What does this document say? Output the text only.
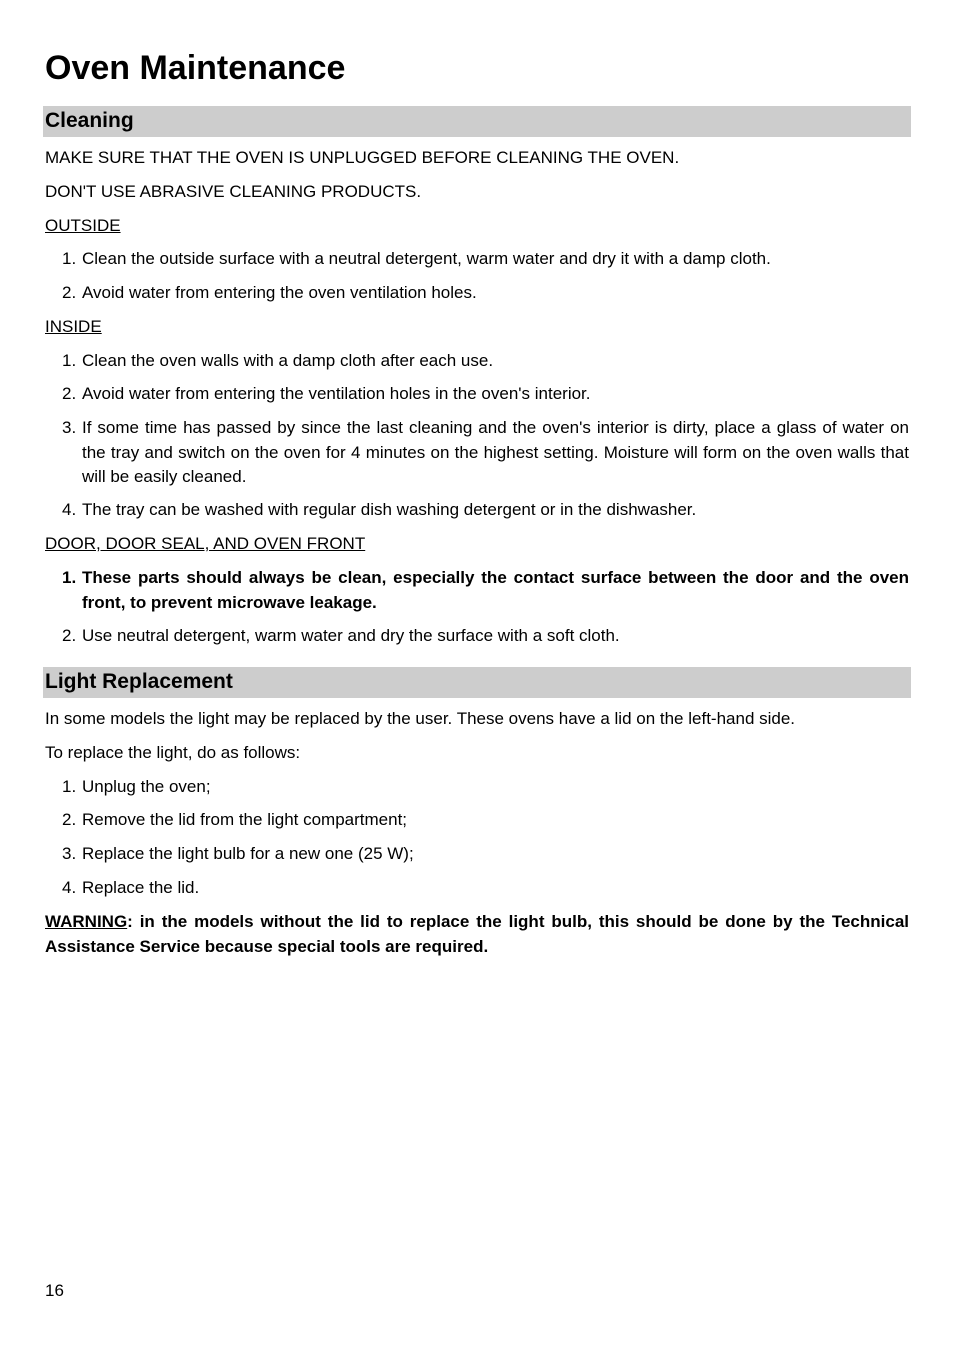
Oven Maintenance
Cleaning
MAKE SURE THAT THE OVEN IS UNPLUGGED BEFORE CLEANING THE OVEN.
DON'T USE ABRASIVE CLEANING PRODUCTS.
OUTSIDE
1. Clean the outside surface with a neutral detergent, warm water and dry it with a damp cloth.
2. Avoid water from entering the oven ventilation holes.
INSIDE
1. Clean the oven walls with a damp cloth after each use.
2. Avoid water from entering the ventilation holes in the oven's interior.
3. If some time has passed by since the last cleaning and the oven's interior is dirty, place a glass of water on the tray and switch on the oven for 4 minutes on the highest setting. Moisture will form on the oven walls that will be easily cleaned.
4. The tray can be washed with regular dish washing detergent or in the dishwasher.
DOOR, DOOR SEAL, AND OVEN FRONT
1. These parts should always be clean, especially the contact surface between the door and the oven front, to prevent microwave leakage.
2. Use neutral detergent, warm water and dry the surface with a soft cloth.
Light Replacement
In some models the light may be replaced by the user. These ovens have a lid on the left-hand side.
To replace the light, do as follows:
1. Unplug the oven;
2. Remove the lid from the light compartment;
3. Replace the light bulb for a new one (25 W);
4. Replace the lid.
WARNING: in the models without the lid to replace the light bulb, this should be done by the Technical Assistance Service because special tools are required.
16
